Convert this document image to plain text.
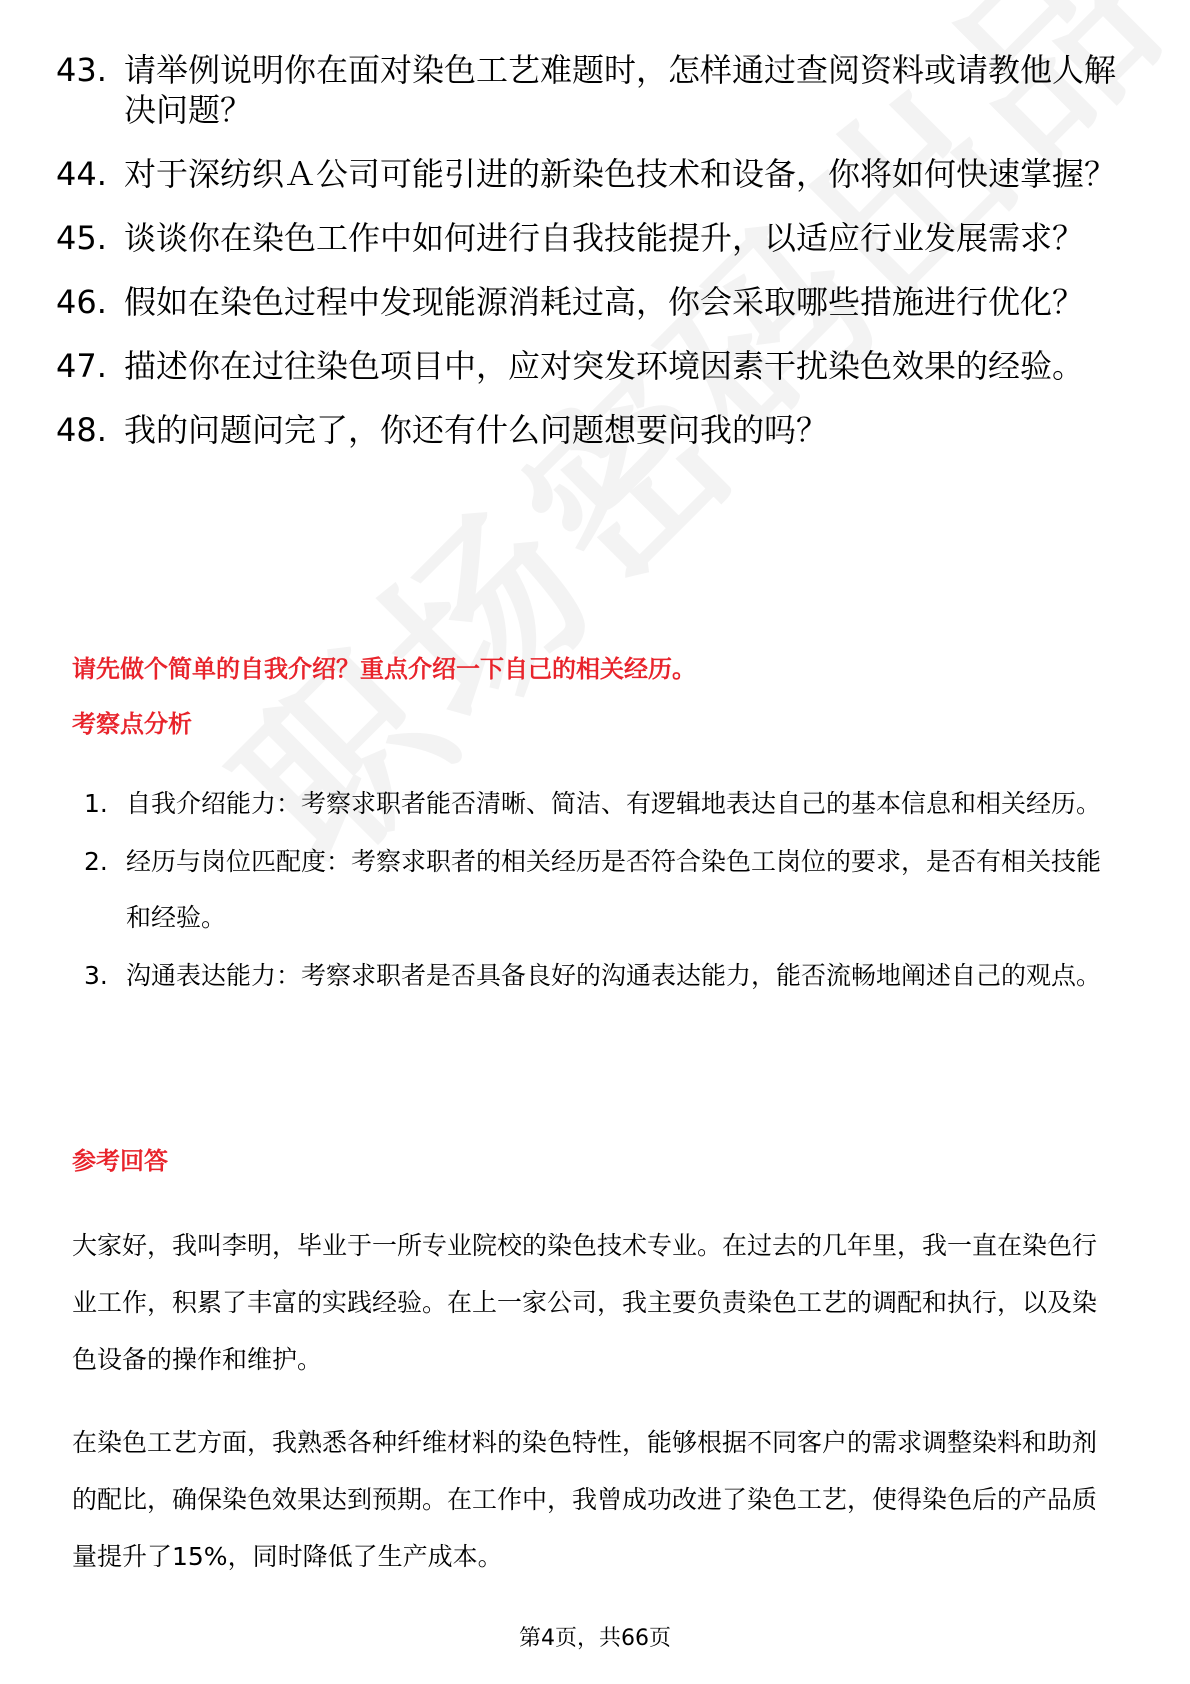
43. 请举例说明你在面对染色工艺难题时，怎样通过查阅资料或请教他人解决问题？
44. 对于深纺织Ａ公司可能引进的新染色技术和设备，你将如何快速掌握？
45. 谈谈你在染色工作中如何进行自我技能提升，以适应行业发展需求？
46. 假如在染色过程中发现能源消耗过高，你会采取哪些措施进行优化？
47. 描述你在过往染色项目中，应对突发环境因素干扰染色效果的经验。
48. 我的问题问完了，你还有什么问题想要问我的吗？
请先做个简单的自我介绍？重点介绍一下自己的相关经历。
考察点分析
1. 自我介绍能力：考察求职者能否清晰、简洁、有逻辑地表达自己的基本信息和相关经历。
2. 经历与岗位匹配度：考察求职者的相关经历是否符合染色工岗位的要求，是否有相关技能和经验。
3. 沟通表达能力：考察求职者是否具备良好的沟通表达能力，能否流畅地阐述自己的观点。
参考回答
大家好，我叫李明，毕业于一所专业院校的染色技术专业。在过去的几年里，我一直在染色行业工作，积累了丰富的实践经验。在上一家公司，我主要负责染色工艺的调配和执行，以及染色设备的操作和维护。
在染色工艺方面，我熟悉各种纤维材料的染色特性，能够根据不同客户的需求调整染料和助剂的配比，确保染色效果达到预期。在工作中，我曾成功改进了染色工艺，使得染色后的产品质量提升了15%，同时降低了生产成本。
第4页，共66页
